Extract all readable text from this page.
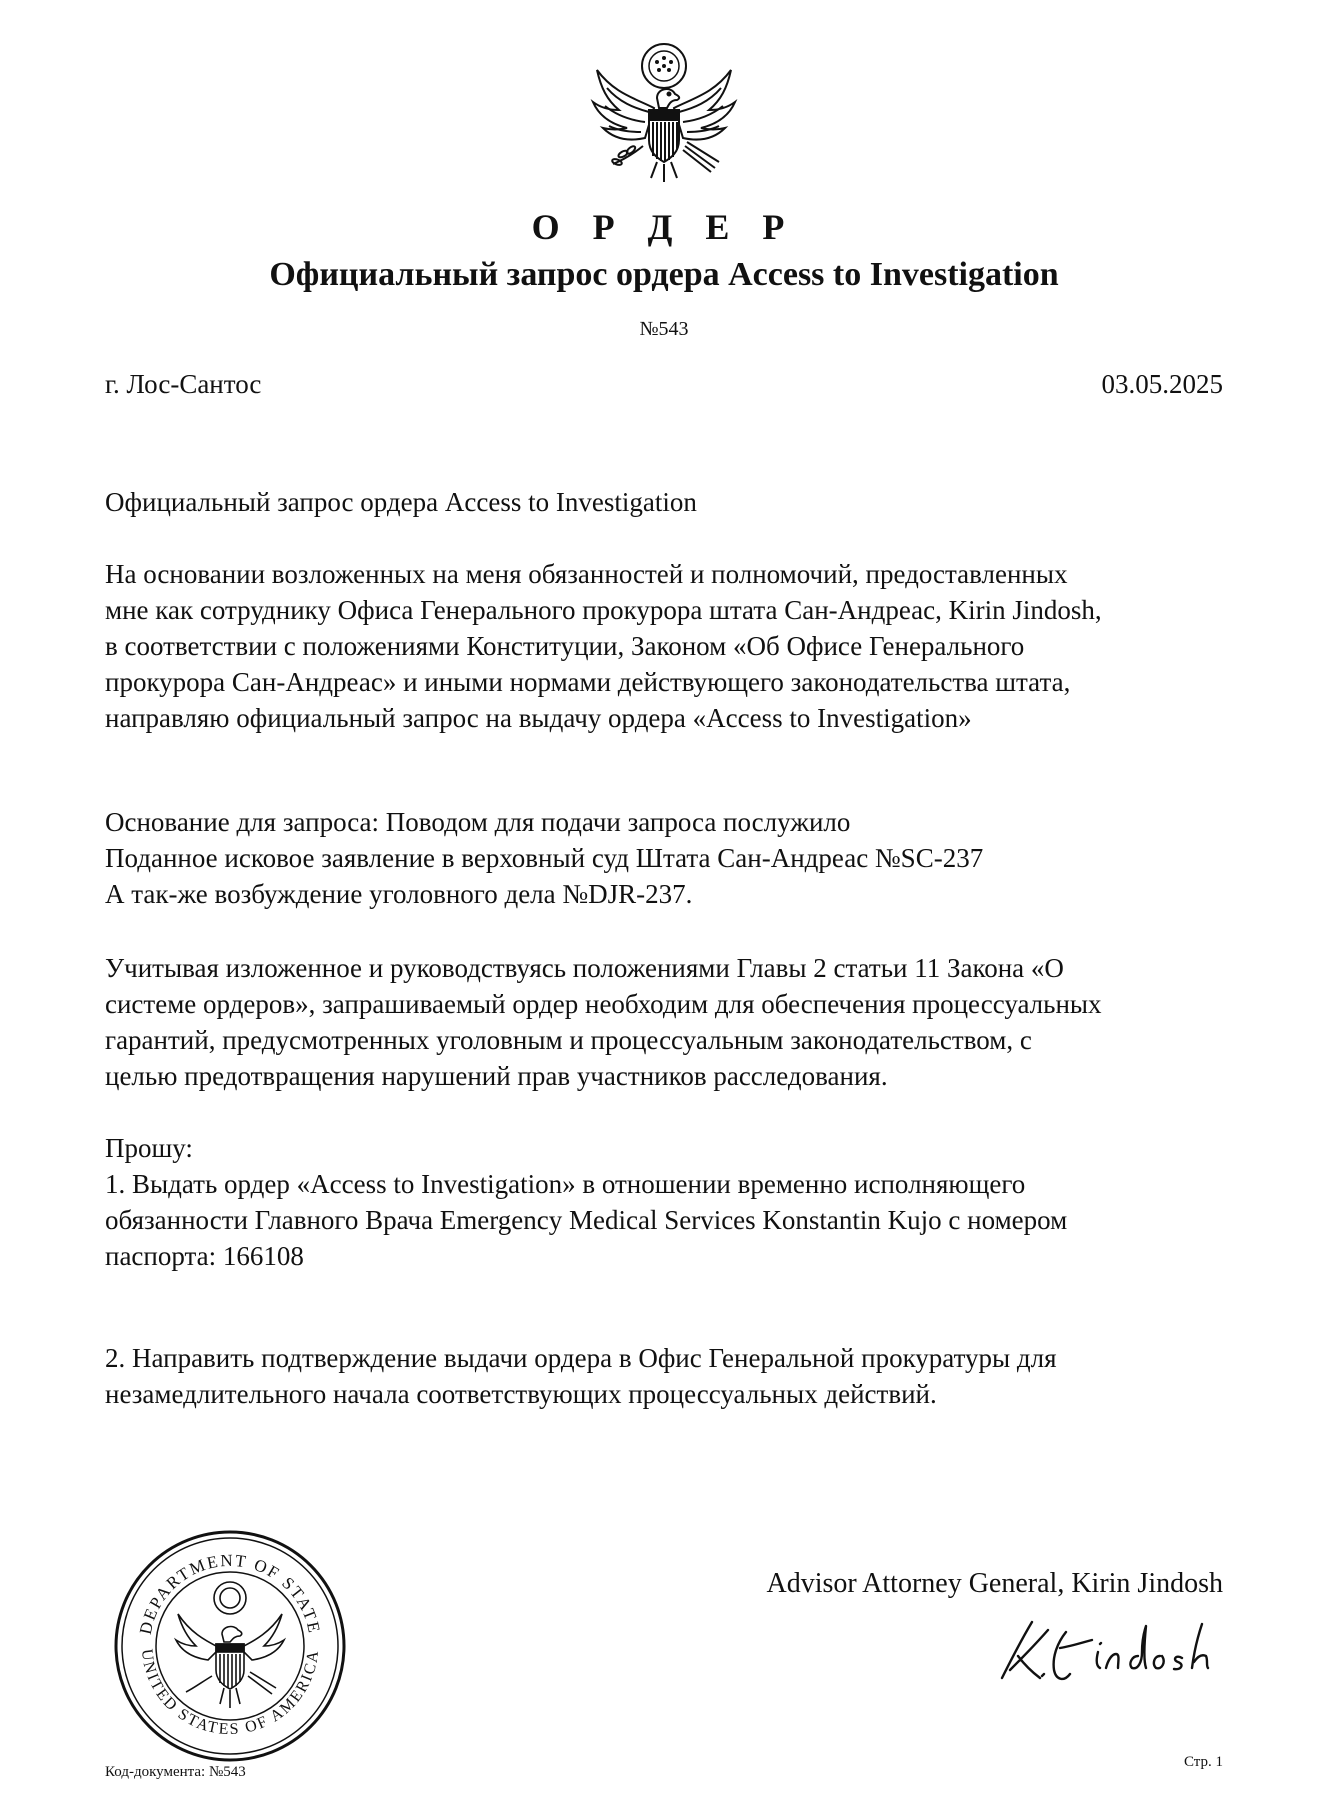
О Р Д Е Р
Официальный запрос ордера Access to Investigation
№543
г. Лос-Сантос	03.05.2025
Официальный запрос ордера Access to Investigation
На основании возложенных на меня обязанностей и полномочий, предоставленных
мне как сотруднику Офиса Генерального прокурора штата Сан-Андреас, Kirin Jindosh,
в соответствии с положениями Конституции, Законом «Об Офисе Генерального
прокурора Сан-Андреас» и иными нормами действующего законодательства штата,
направляю официальный запрос на выдачу ордера «Access to Investigation»
Основание для запроса: Поводом для подачи запроса послужило
Поданное исковое заявление в верховный суд Штата Сан-Андреас №SC-237
А так-же возбуждение уголовного дела №DJR-237.
Учитывая изложенное и руководствуясь положениями Главы 2 статьи 11 Закона «О
системе ордеров», запрашиваемый ордер необходим для обеспечения процессуальных
гарантий, предусмотренных уголовным и процессуальным законодательством, с
целью предотвращения нарушений прав участников расследования.
Прошу:
1. Выдать ордер «Access to Investigation» в отношении временно исполняющего
обязанности Главного Врача Emergency Medical Services Konstantin Kujo с номером
паспорта: 166108
2. Направить подтверждение выдачи ордера в Офис Генеральной прокуратуры для
незамедлительного начала соответствующих процессуальных действий.
DEPARTMENT OF STATE
UNITED STATES OF AMERICA
Advisor Attorney General, Kirin Jindosh
Код-документа: №543
Стр. 1
